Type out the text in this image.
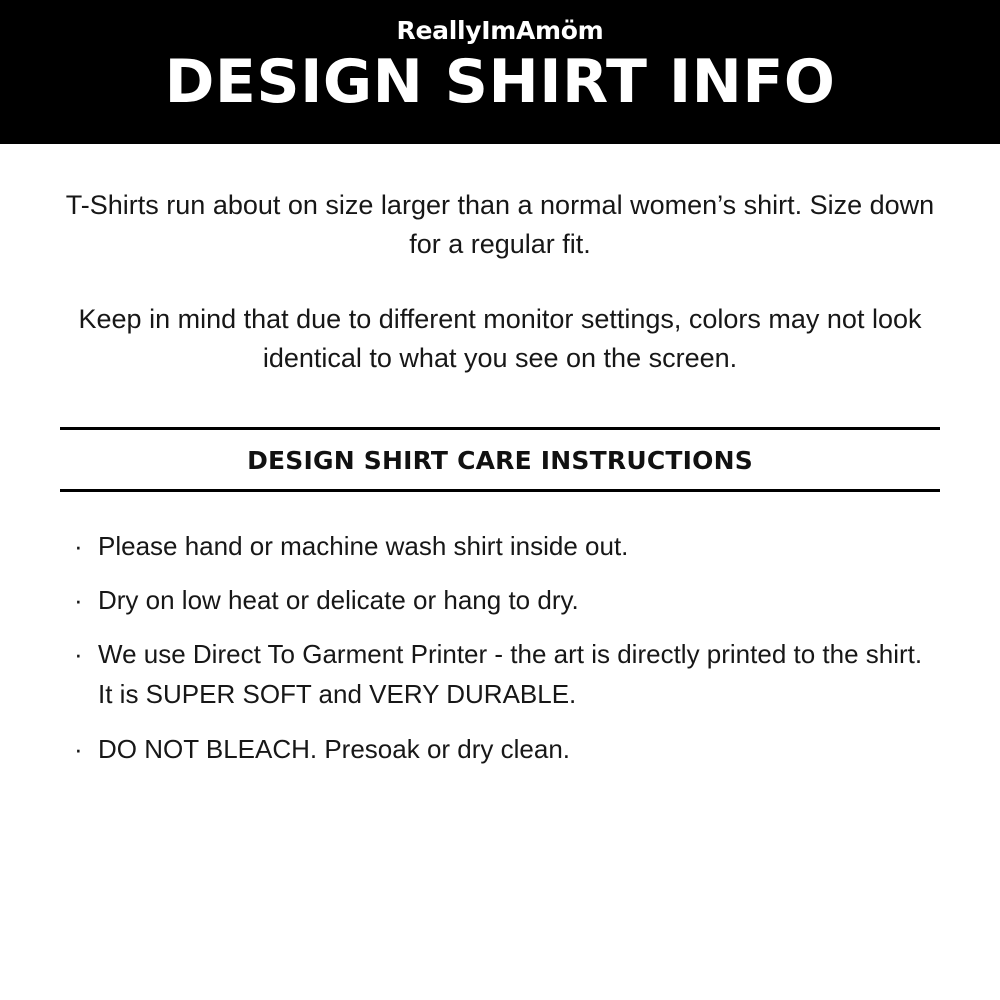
ReallyImAmöm
DESIGN SHIRT INFO

T-Shirts run about on size larger than a normal women’s shirt. Size down for a regular fit.

Keep in mind that due to different monitor settings, colors may not look identical to what you see on the screen.

DESIGN SHIRT CARE INSTRUCTIONS
· Please hand or machine wash shirt inside out.
· Dry on low heat or delicate or hang to dry.
· We use Direct To Garment Printer - the art is directly printed to the shirt. It is SUPER SOFT and VERY DURABLE.
· DO NOT BLEACH. Presoak or dry clean.
